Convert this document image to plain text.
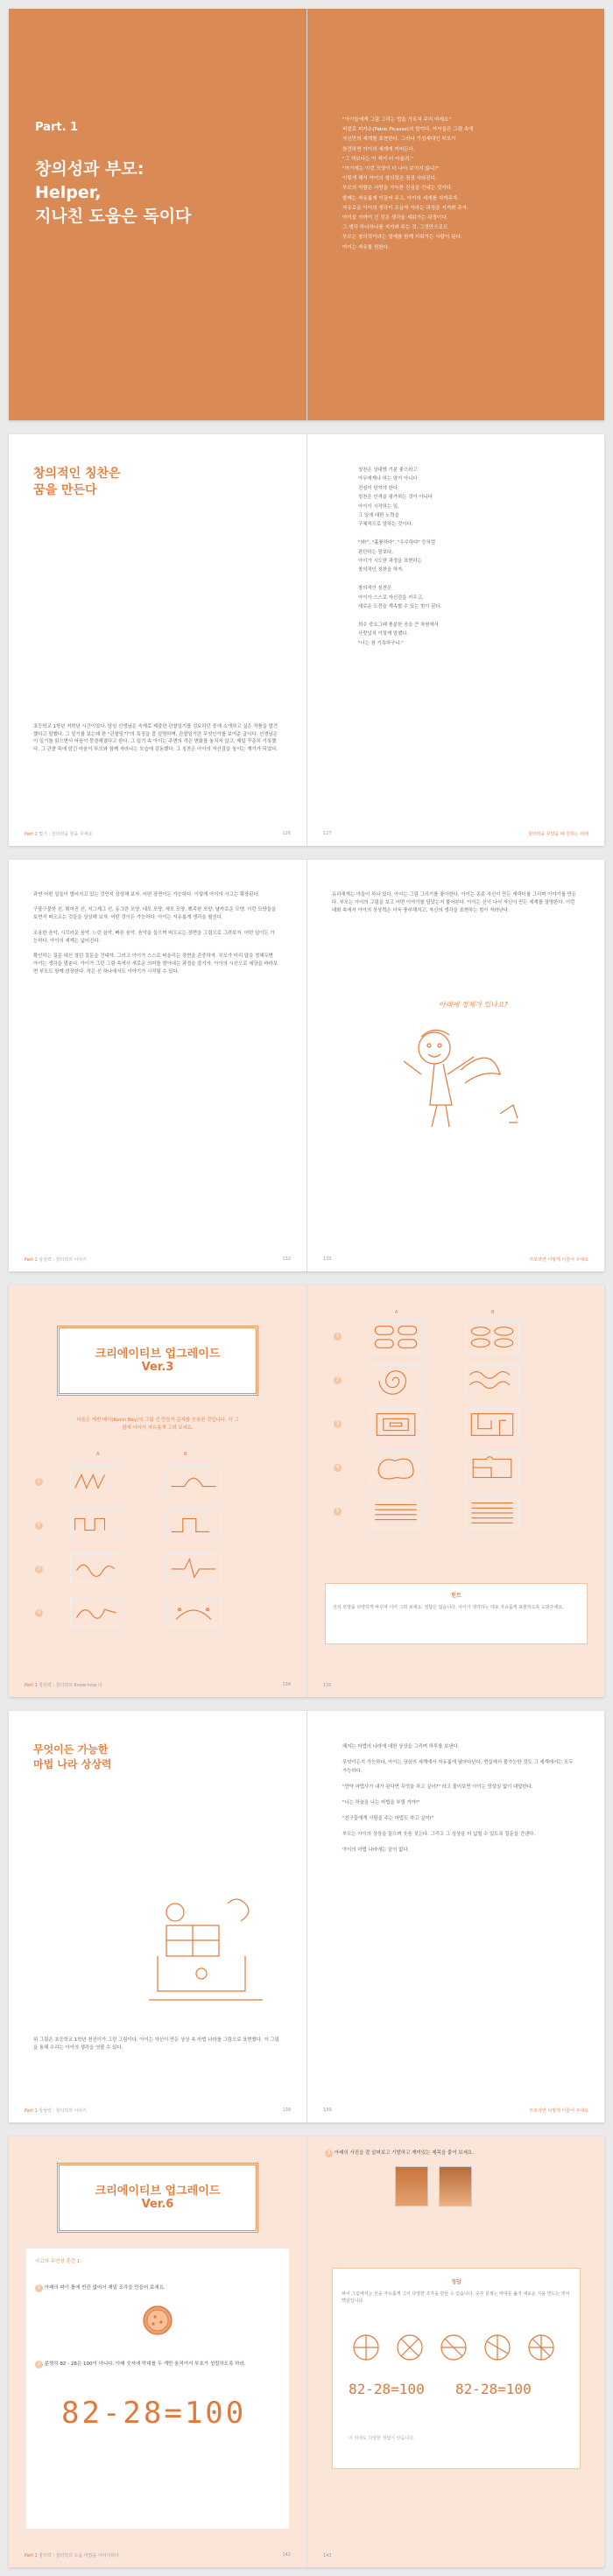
Part. 1
창의성과 부모:
Helper,
지나친 도움은 독이다
"아이들에게 그림 그리는 법을 가르쳐 주지 마세요"
피블로 피카소(Pablo Picasso)의 말이다. 아이들은 그림 속에
자신만의 세계를 표현한다. 그러나 기성세대인 부모가
참견하면 아이의 세계에 끼어든다.
"그 색보다는 이 색이 더 어울려."
"여기에는 이런 모양이 더 나아 보이지 않니?"
이렇게 해서 아이의 창의력은 점점 사라진다.
부모의 역할은 사랑을 가득한 진심을 건네는 것이다.
함께는 자유롭게 이끌어 주고, 아이의 세계를 지켜주자.
자유로운 아이의 생각이 조금씩 자라는 과정을 지켜봐 주자.
아이들 가까이 건 것은 생각을 세워가는 과정이다.
그 생각 하나하나를 지켜봐 주는 것, 그것만으로도
부모는 창의력이라는 열매를 함께 키워가는 사람이 된다.
아이는 자유를 원한다.
창의적인 칭찬은
꿈을 만든다
초등학교 1학년 저학년 시간이었다. 담임 선생님은 숙제로 제출한 관찰일기를 검토하던 중에 소개하고 싶은 작품을 발견했다고 말했다. 그 일기를 보는데 한 "관찰일기"의 특징을 잘 설명하며, 관찰일기란 무엇인가를 보여준 글이다. 선생님은 이 일기를 읽으면서 마음이 뭉클해졌다고 한다. 그 일기 속 아이는 주변의 작은 변화를 놓치지 않고, 매일 꾸준히 기록했다. 그 관찰 속에 담긴 마음이 부모와 함께 자라나는 모습에 감동했다. 그 칭찬은 아이의 자신감을 높이는 계기가 되었다.
Part 1 몇기 : 창의력을 꿈을 꾸세요	126
칭찬은 상대방 기분 좋으라고
아무에게나 하는 말이 아니다
진심이 담겨야 한다.
칭찬은 인격을 평가하는 것이 아니다
아이가 시작하는 일,
그 일에 대한 노력을
구체적으로 말하는 것이다.

"와!", "훌륭하다", "우수하다" 등처럼
판단하는 말보다,
아이가 시도한 과정을 표현하는
창의적인 칭찬을 하자.

창의적인 칭찬은
아이가 스스로 자신감을 키우고,
새로운 도전을 계속할 수 있는 힘이 된다.

희수 중요그래 충분한 공을 큰 차원에서
사랑넘치 이렇게 말했다.
"너는 참 기특하구나."
127	창의력을 꾸었을 때 원하는 미래

과연 어떤 일들이 벌어지고 있는 것인지 상상해 보자. 어떤 장면이든 가능하다. 이렇게 아이의 사고는 확장된다.

구불구불한 선, 휘어진 선, 지그재그 선, 동그란 모양, 네모 모양, 세모 모양, 뾰족한 모양, 날카로운 모양. 이런 모양들을 보면서 떠오르는 것들을 상상해 보자. 어떤 것이든 가능하다. 아이는 자유롭게 생각을 펼친다.

조용한 음악, 시끄러운 음악, 느린 음악, 빠른 음악. 음악을 들으며 떠오르는 장면을 그림으로 그려보자. 어떤 일이든 가능하다. 아이의 세계는 넓어진다.

확인하는 질문 대신 열린 질문을 건네자. 그러고 아이가 스스로 떠올리는 장면을 존중하자. 부모가 미리 답을 정해두면 아이는 생각을 멈춘다. 아이가 그린 그림 속에서 새로운 의미를 찾아내는 과정을 즐기자. 아이의 시선으로 세상을 바라보면 부모도 함께 성장한다. 작은 선 하나에서도 이야기가 시작될 수 있다.

Part 1 상상력 : 창의력의 이야기	132
유리에게는 아들이 하나 있다. 아이는 그림 그리기를 좋아한다. 아이는 종종 자신이 만든 캐릭터를 그리며 이야기를 만든다. 부모는 아이의 그림을 보고 어떤 이야기를 담았는지 물어본다. 아이는 신이 나서 자신이 만든 세계를 설명한다. 이런 대화 속에서 아이의 상상력은 더욱 풍부해지고, 자신의 생각을 표현하는 힘이 자라난다.
아래에 정체가 있나요?
133	부모라면 이렇게 이끌어 주세요
크리에이티브 업그레이드
Ver.3
다음은 제빈 베이(Kevin Bey)의 그림 선 만들기 문제를 응용한 것입니다. 각 그림에 이어서 자유롭게 그려 보세요.
A	B
1
2
3
4
Part 1 창의력 : 창의력의 Know-how 다	134
A	B
1
2
3
4
5
힌트
선의 모양을 다양하게 바꾸며 이어 그려 보세요. 정답은 없습니다. 아이가 생각하는 대로 자유롭게 표현하도록 도와주세요.
135
무엇이든 가능한
마법 나라 상상력
위 그림은 초등학교 1학년 천진이가 그린 그림이다. 아이는 자신이 만든 상상 속 마법 나라를 그림으로 표현했다. 이 그림을 통해 우리는 아이의 생각을 엿볼 수 있다.
Part 1 상상력 : 창의력의 이야기	138

혜지는 마법의 나라에 대한 상상을 그리며 하루를 보낸다.

무엇이든지 가능하다, 아이는 상상의 세계에서 자유롭게 날아다닌다. 현실에서 불가능한 것도 그 세계에서는 모두 가능하다.

"만약 마법사가 내가 된다면 무엇을 하고 싶어?" 라고 물어보면 아이는 망설임 없이 대답한다.

"나는 하늘을 나는 마법을 부릴 거야!"

"친구들에게 사탕을 주는 마법도 하고 싶어!"

부모는 아이의 상상을 들으며 웃음 짓는다. 그리고 그 상상을 더 넓힐 수 있도록 질문을 건넨다.

아이의 마법 나라에는 끝이 없다.

139	부모라면 이렇게 이끌어 주세요
크리에이티브 업그레이드
Ver.6
사고의 유연성 훈련 1
1 아래의 파이 틀에 빈칸 없어서 재밀 조각을 만들어 보세요.
2 분명히 82 - 28은 100이 아니다. 아래 숫자에 막대를 두 개만 움직여서 부호가 성립하도록 하라.
82-28=100
Part 1 창의력 : 창의력의 도움 마법을 이야기하다	142
3 아래의 사진을 잘 살펴보고 기발하고 재미있는 제목을 붙여 보세요.
정답
파이 그림에서는 선을 자유롭게 그어 다양한 조각을 만들 수 있습니다. 숫자 문제는 막대를 옮겨 새로운 식을 만드는 것이 핵심입니다.
82-28=100 82-28=100
이 외에도 다양한 정답이 있습니다.
143
